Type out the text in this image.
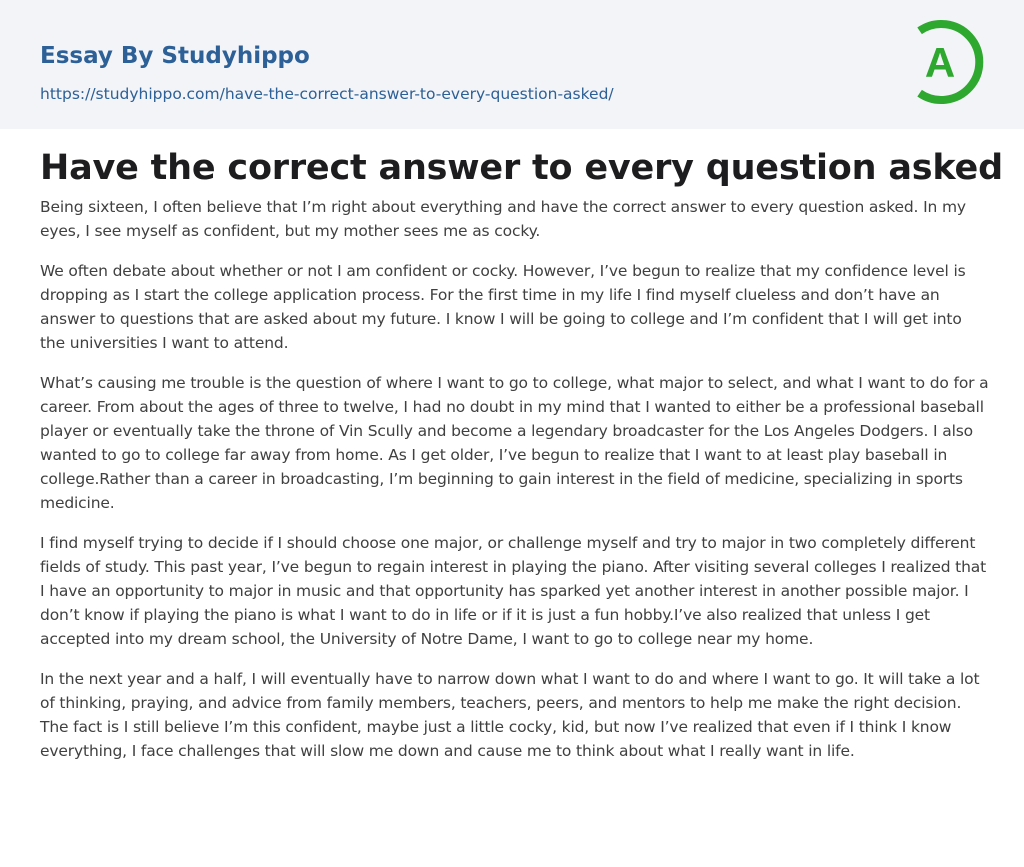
Essay By Studyhippo
https://studyhippo.com/have-the-correct-answer-to-every-question-asked/
A
Have the correct answer to every question asked

Being sixteen, I often believe that I’m right about everything and have the correct answer to every question asked. In my eyes, I see myself as confident, but my mother sees me as cocky.

We often debate about whether or not I am confident or cocky. However, I’ve begun to realize that my confidence level is dropping as I start the college application process. For the first time in my life I find myself clueless and don’t have an answer to questions that are asked about my future. I know I will be going to college and I’m confident that I will get into the universities I want to attend.

What’s causing me trouble is the question of where I want to go to college, what major to select, and what I want to do for a career. From about the ages of three to twelve, I had no doubt in my mind that I wanted to either be a professional baseball player or eventually take the throne of Vin Scully and become a legendary broadcaster for the Los Angeles Dodgers. I also wanted to go to college far away from home. As I get older, I’ve begun to realize that I want to at least play baseball in college.Rather than a career in broadcasting, I’m beginning to gain interest in the field of medicine, specializing in sports medicine.

I find myself trying to decide if I should choose one major, or challenge myself and try to major in two completely different fields of study. This past year, I’ve begun to regain interest in playing the piano. After visiting several colleges I realized that I have an opportunity to major in music and that opportunity has sparked yet another interest in another possible major. I don’t know if playing the piano is what I want to do in life or if it is just a fun hobby.I’ve also realized that unless I get accepted into my dream school, the University of Notre Dame, I want to go to college near my home.

In the next year and a half, I will eventually have to narrow down what I want to do and where I want to go. It will take a lot of thinking, praying, and advice from family members, teachers, peers, and mentors to help me make the right decision. The fact is I still believe I’m this confident, maybe just a little cocky, kid, but now I’ve realized that even if I think I know everything, I face challenges that will slow me down and cause me to think about what I really want in life.
